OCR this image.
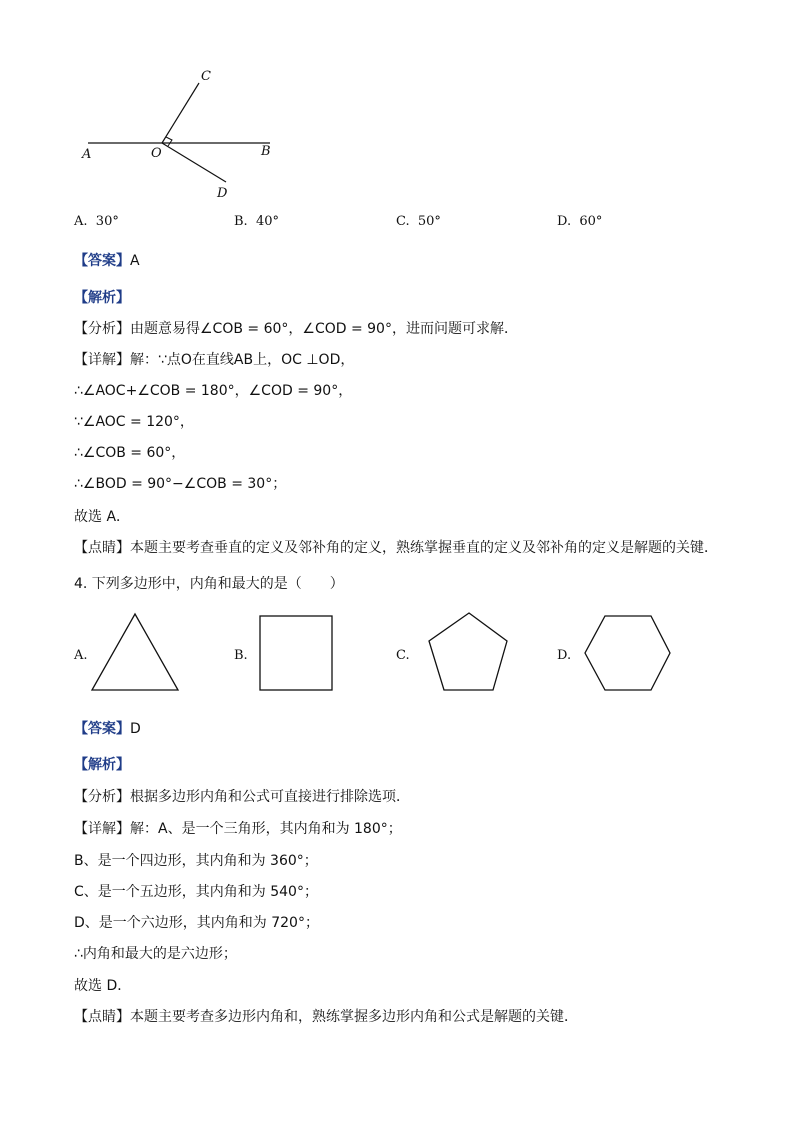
A	O	B
C
D
A. 30°	B. 40°	C. 50°	D. 60°
【答案】A
【解析】
【分析】由题意易得∠COB = 60°，∠COD = 90°，进而问题可求解．
【详解】解：∵点O在直线AB上，OC ⊥OD，
∴∠AOC+∠COB = 180°，∠COD = 90°，
∵∠AOC = 120°，
∴∠COB = 60°，
∴∠BOD = 90°−∠COB = 30°；
故选 A．
【点睛】本题主要考查垂直的定义及邻补角的定义，熟练掌握垂直的定义及邻补角的定义是解题的关键．
4. 下列多边形中，内角和最大的是（　　）
A.	B.	C.	D.
【答案】D
【解析】
【分析】根据多边形内角和公式可直接进行排除选项．
【详解】解：A、是一个三角形，其内角和为 180°；
B、是一个四边形，其内角和为 360°；
C、是一个五边形，其内角和为 540°；
D、是一个六边形，其内角和为 720°；
∴内角和最大的是六边形；
故选 D．
【点睛】本题主要考查多边形内角和，熟练掌握多边形内角和公式是解题的关键．
